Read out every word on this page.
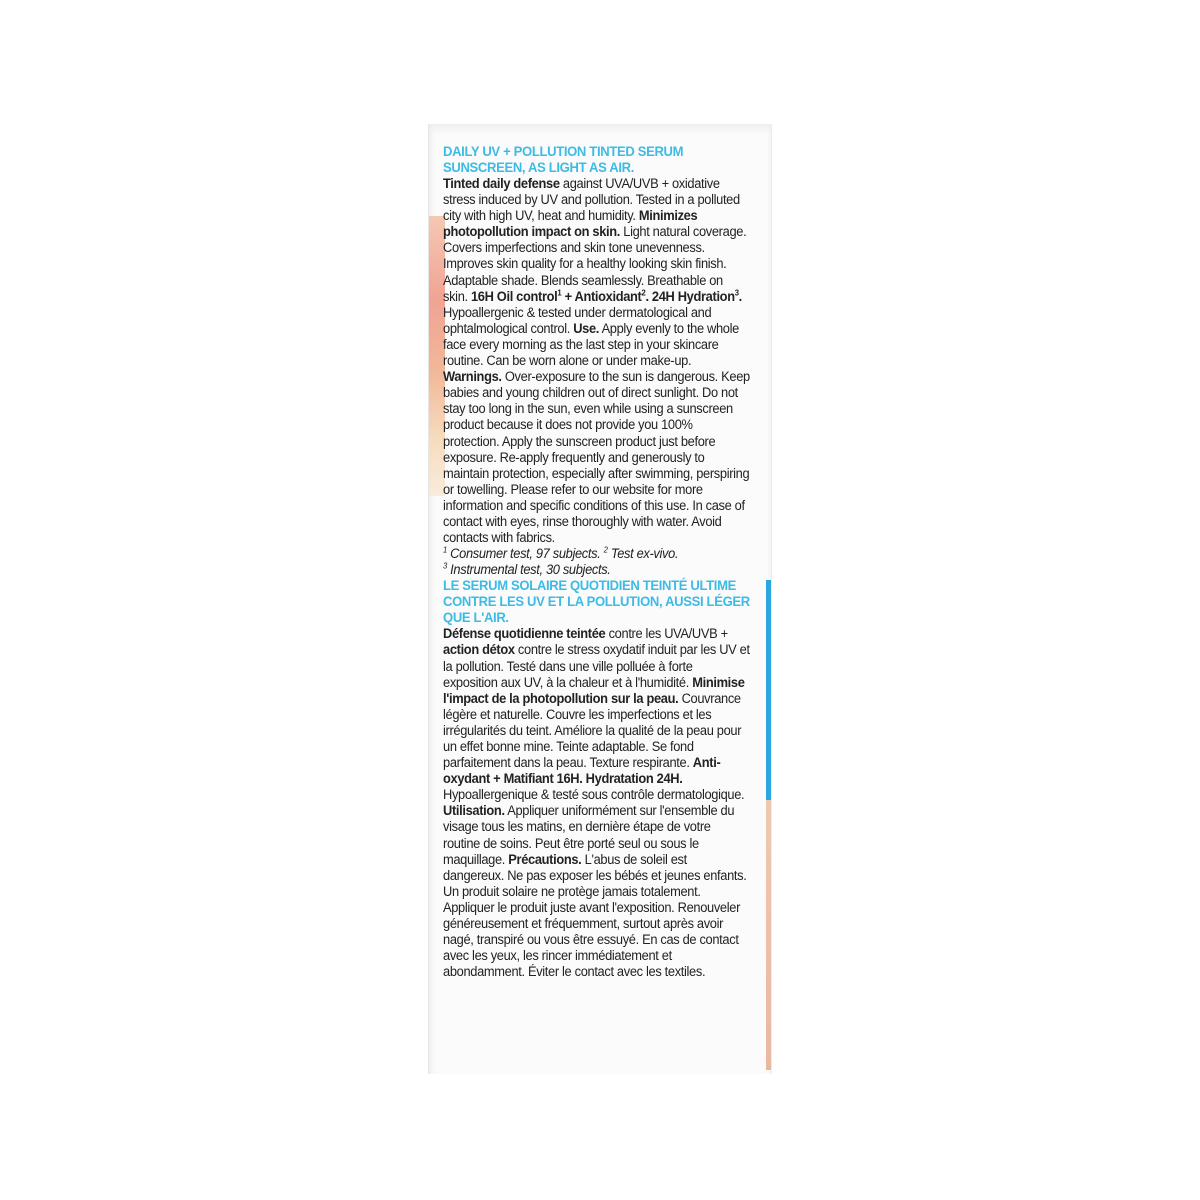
DAILY UV + POLLUTION TINTED SERUM SUNSCREEN, AS LIGHT AS AIR.

Tinted daily defense against UVA/UVB + oxidative stress induced by UV and pollution. Tested in a polluted city with high UV, heat and humidity. Minimizes photopollution impact on skin. Light natural coverage. Covers imperfections and skin tone unevenness. Improves skin quality for a healthy looking skin finish. Adaptable shade. Blends seamlessly. Breathable on skin. 16H Oil control$^1$ + Antioxidant$^2$. 24H Hydration$^3$. Hypoallergenic & tested under dermatological and ophtalmological control. Use. Apply evenly to the whole face every morning as the last step in your skincare routine. Can be worn alone or under make-up. Warnings. Over-exposure to the sun is dangerous. Keep babies and young children out of direct sunlight. Do not stay too long in the sun, even while using a sunscreen product because it does not provide you 100% protection. Apply the sunscreen product just before exposure. Re-apply frequently and generously to maintain protection, especially after swimming, perspiring or towelling. Please refer to our website for more information and specific conditions of this use. In case of contact with eyes, rinse thoroughly with water. Avoid contacts with fabrics.

$^1$ Consumer test, 97 subjects. $^2$ Test ex-vivo.
$^3$ Instrumental test, 30 subjects.

LE SERUM SOLAIRE QUOTIDIEN TEINTÉ ULTIME CONTRE LES UV ET LA POLLUTION, AUSSI LÉGER QUE L'AIR.

Défense quotidienne teintée contre les UVA/UVB + action détox contre le stress oxydatif induit par les UV et la pollution. Testé dans une ville polluée à forte exposition aux UV, à la chaleur et à l'humidité. Minimise l'impact de la photopollution sur la peau. Couvrance légère et naturelle. Couvre les imperfections et les irrégularités du teint. Améliore la qualité de la peau pour un effet bonne mine. Teinte adaptable. Se fond parfaitement dans la peau. Texture respirante. Anti-oxydant + Matifiant 16H. Hydratation 24H. Hypoallergenique & testé sous contrôle dermatologique. Utilisation. Appliquer uniformément sur l'ensemble du visage tous les matins, en dernière étape de votre routine de soins. Peut être porté seul ou sous le maquillage. Précautions. L'abus de soleil est dangereux. Ne pas exposer les bébés et jeunes enfants. Un produit solaire ne protège jamais totalement. Appliquer le produit juste avant l'exposition. Renouveler généreusement et fréquemment, surtout après avoir nagé, transpiré ou vous être essuyé. En cas de contact avec les yeux, les rincer immédiatement et abondamment. Éviter le contact avec les textiles.
